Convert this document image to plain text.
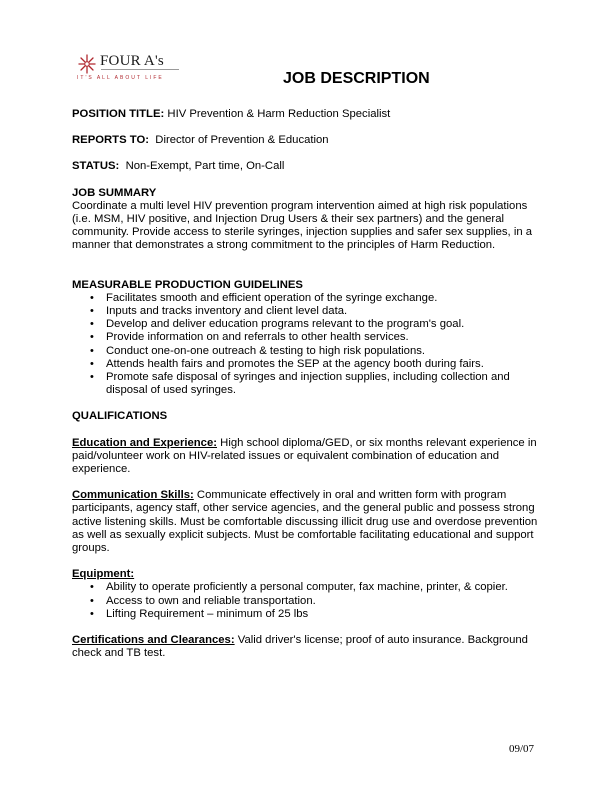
FOUR A's
IT'S ALL ABOUT LIFE	JOB DESCRIPTION

POSITION TITLE: HIV Prevention & Harm Reduction Specialist

REPORTS TO: Director of Prevention & Education

STATUS: Non-Exempt, Part time, On-Call

JOB SUMMARY

Coordinate a multi level HIV prevention program intervention aimed at high risk populations (i.e. MSM, HIV positive, and Injection Drug Users & their sex partners) and the general community. Provide access to sterile syringes, injection supplies and safer sex supplies, in a manner that demonstrates a strong commitment to the principles of Harm Reduction.

MEASURABLE PRODUCTION GUIDELINES

• Facilitates smooth and efficient operation of the syringe exchange.
• Inputs and tracks inventory and client level data.
• Develop and deliver education programs relevant to the program's goal.
• Provide information on and referrals to other health services.
• Conduct one-on-one outreach & testing to high risk populations.
• Attends health fairs and promotes the SEP at the agency booth during fairs.
• Promote safe disposal of syringes and injection supplies, including collection and disposal of used syringes.

QUALIFICATIONS

Education and Experience: High school diploma/GED, or six months relevant experience in paid/volunteer work on HIV-related issues or equivalent combination of education and experience.

Communication Skills: Communicate effectively in oral and written form with program participants, agency staff, other service agencies, and the general public and possess strong active listening skills. Must be comfortable discussing illicit drug use and overdose prevention as well as sexually explicit subjects. Must be comfortable facilitating educational and support groups.

Equipment:

• Ability to operate proficiently a personal computer, fax machine, printer, & copier.
• Access to own and reliable transportation.
• Lifting Requirement – minimum of 25 lbs

Certifications and Clearances: Valid driver's license; proof of auto insurance. Background check and TB test.

09/07
